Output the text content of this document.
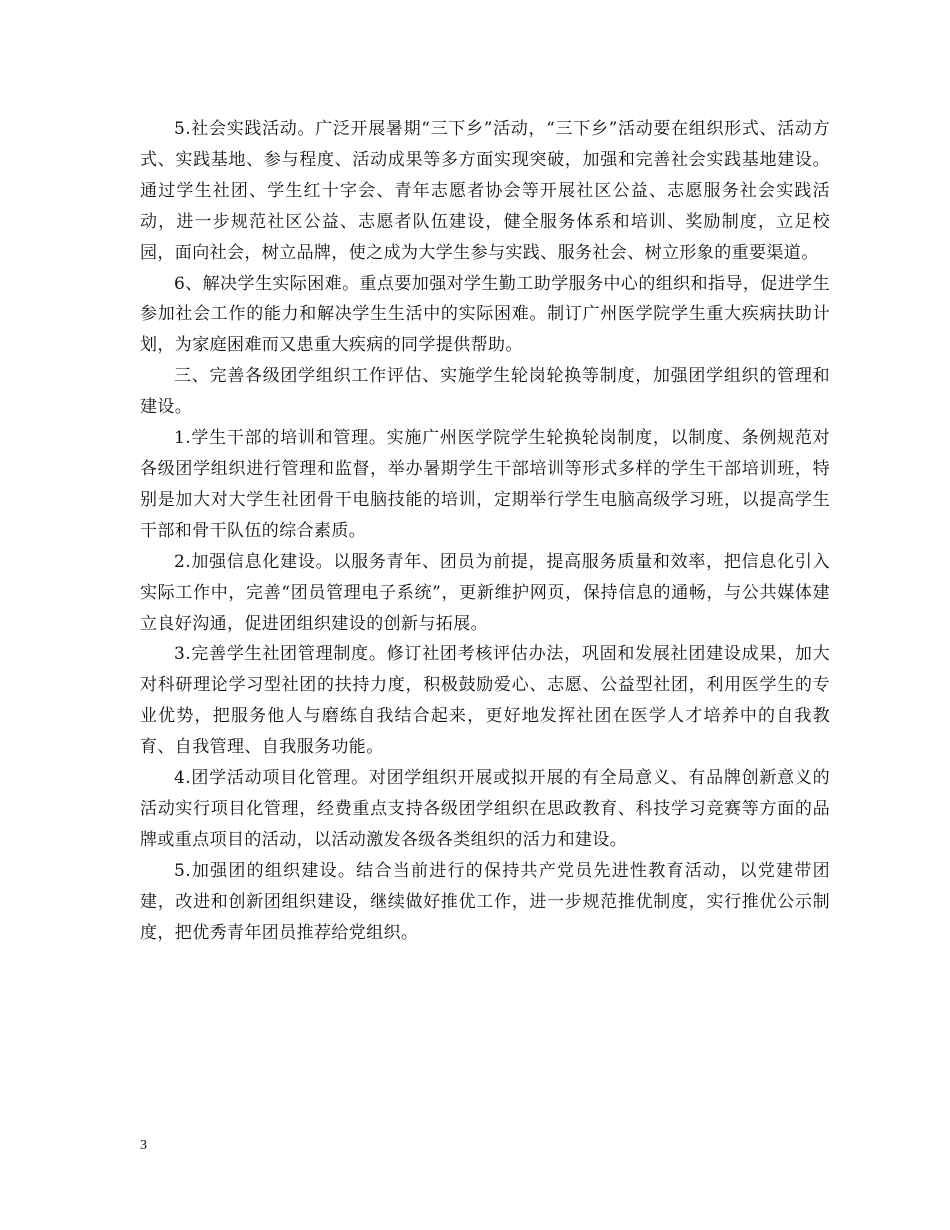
5.社会实践活动。广泛开展暑期“三下乡”活动，“三下乡”活动要在组织形式、活动方式、实践基地、参与程度、活动成果等多方面实现突破，加强和完善社会实践基地建设。通过学生社团、学生红十字会、青年志愿者协会等开展社区公益、志愿服务社会实践活动，进一步规范社区公益、志愿者队伍建设，健全服务体系和培训、奖励制度，立足校园，面向社会，树立品牌，使之成为大学生参与实践、服务社会、树立形象的重要渠道。

6、解决学生实际困难。重点要加强对学生勤工助学服务中心的组织和指导，促进学生参加社会工作的能力和解决学生生活中的实际困难。制订广州医学院学生重大疾病扶助计划，为家庭困难而又患重大疾病的同学提供帮助。

三、完善各级团学组织工作评估、实施学生轮岗轮换等制度，加强团学组织的管理和建设。

1.学生干部的培训和管理。实施广州医学院学生轮换轮岗制度，以制度、条例规范对各级团学组织进行管理和监督，举办暑期学生干部培训等形式多样的学生干部培训班，特别是加大对大学生社团骨干电脑技能的培训，定期举行学生电脑高级学习班，以提高学生干部和骨干队伍的综合素质。

2.加强信息化建设。以服务青年、团员为前提，提高服务质量和效率，把信息化引入实际工作中，完善“团员管理电子系统”，更新维护网页，保持信息的通畅，与公共媒体建立良好沟通，促进团组织建设的创新与拓展。

3.完善学生社团管理制度。修订社团考核评估办法，巩固和发展社团建设成果，加大对科研理论学习型社团的扶持力度，积极鼓励爱心、志愿、公益型社团，利用医学生的专业优势，把服务他人与磨练自我结合起来，更好地发挥社团在医学人才培养中的自我教育、自我管理、自我服务功能。

4.团学活动项目化管理。对团学组织开展或拟开展的有全局意义、有品牌创新意义的活动实行项目化管理，经费重点支持各级团学组织在思政教育、科技学习竞赛等方面的品牌或重点项目的活动，以活动激发各级各类组织的活力和建设。

5.加强团的组织建设。结合当前进行的保持共产党员先进性教育活动，以党建带团建，改进和创新团组织建设，继续做好推优工作，进一步规范推优制度，实行推优公示制度，把优秀青年团员推荐给党组织。

3
